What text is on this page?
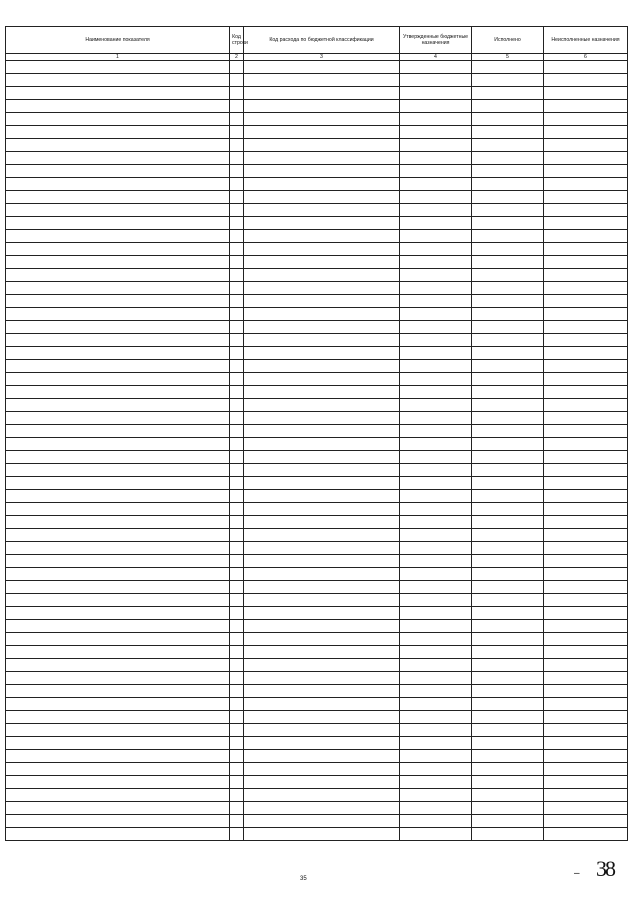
Наименование показателя	Код строки	Код расхода по бюджетной классификации	Утвержденные бюджетные назначения	Исполнено	Неисполненные назначения
1	2	3	4	5	6

35	– 38
